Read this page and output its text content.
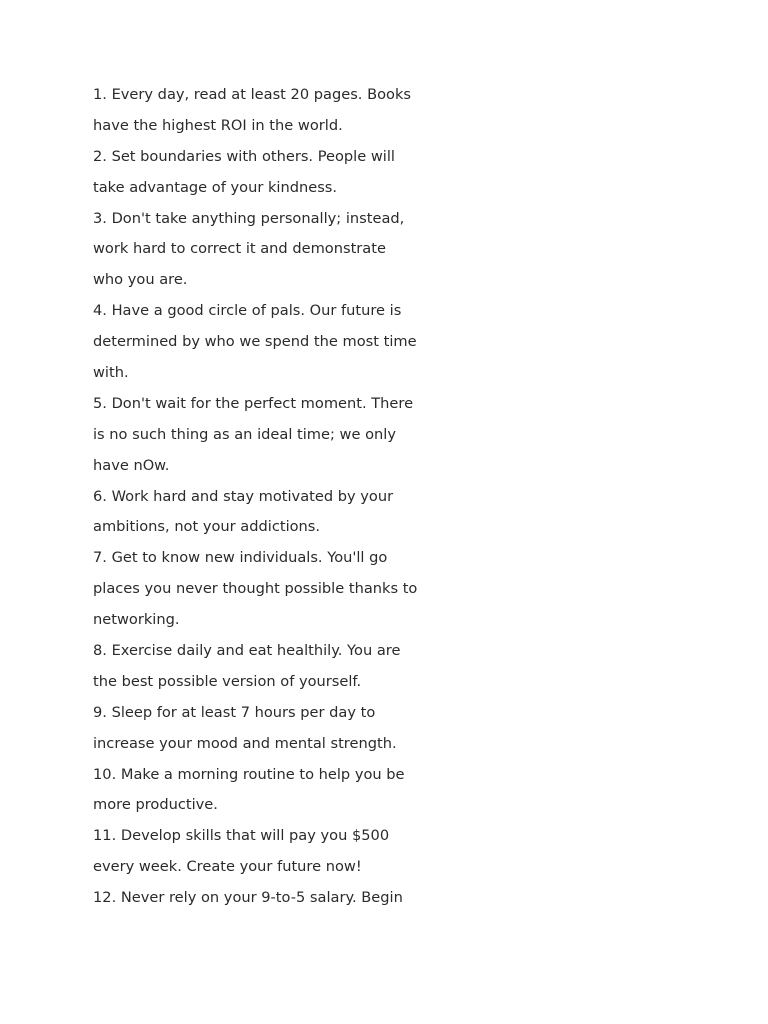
1. Every day, read at least 20 pages. Books
have the highest ROI in the world.
2. Set boundaries with others. People will
take advantage of your kindness.
3. Don't take anything personally; instead,
work hard to correct it and demonstrate
who you are.
4. Have a good circle of pals. Our future is
determined by who we spend the most time
with.
5. Don't wait for the perfect moment. There
is no such thing as an ideal time; we only
have nOw.
6. Work hard and stay motivated by your
ambitions, not your addictions.
7. Get to know new individuals. You'll go
places you never thought possible thanks to
networking.
8. Exercise daily and eat healthily. You are
the best possible version of yourself.
9. Sleep for at least 7 hours per day to
increase your mood and mental strength.
10. Make a morning routine to help you be
more productive.
11. Develop skills that will pay you $500
every week. Create your future now!
12. Never rely on your 9-to-5 salary. Begin
